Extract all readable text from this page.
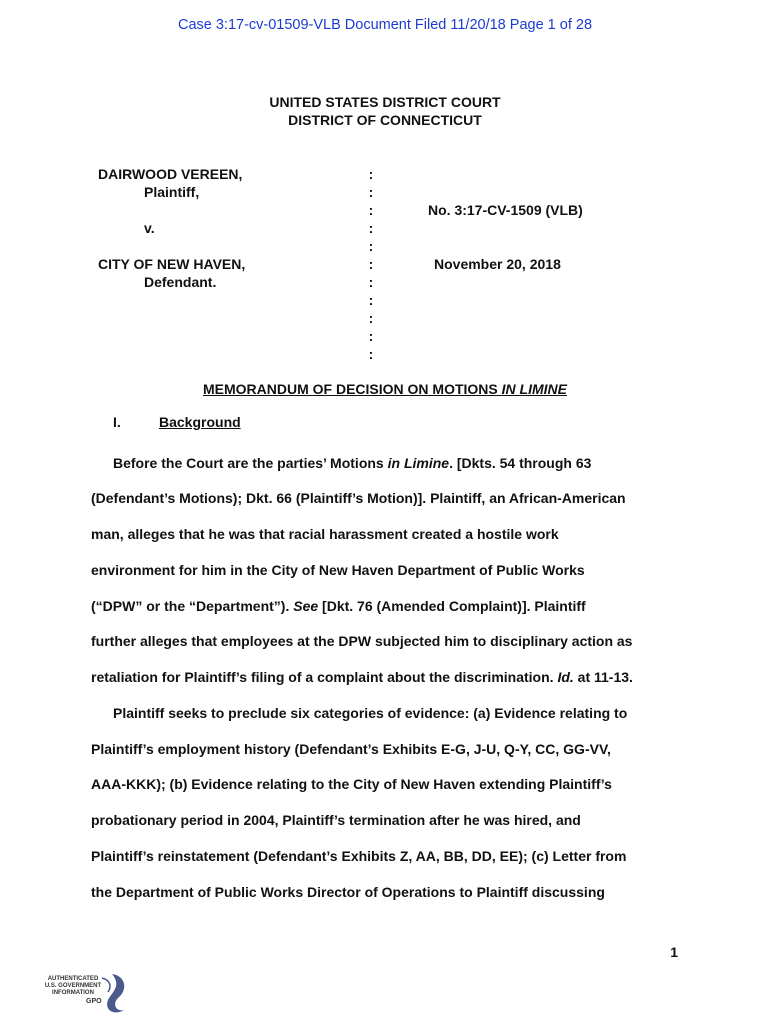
Case 3:17-cv-01509-VLB Document Filed 11/20/18 Page 1 of 28
UNITED STATES DISTRICT COURT
DISTRICT OF CONNECTICUT
DAIRWOOD VEREEN,
Plaintiff,
v.
CITY OF NEW HAVEN,
Defendant.
:
:
:
:
:
:
:
:
:
:
:
No. 3:17-CV-1509 (VLB)
November 20, 2018
MEMORANDUM OF DECISION ON MOTIONS IN LIMINE
I.	Background
Before the Court are the parties’ Motions in Limine. [Dkts. 54 through 63
(Defendant’s Motions); Dkt. 66 (Plaintiff’s Motion)]. Plaintiff, an African-American
man, alleges that he was that racial harassment created a hostile work
environment for him in the City of New Haven Department of Public Works
(“DPW” or the “Department”). See [Dkt. 76 (Amended Complaint)]. Plaintiff
further alleges that employees at the DPW subjected him to disciplinary action as
retaliation for Plaintiff’s filing of a complaint about the discrimination. Id. at 11-13.
Plaintiff seeks to preclude six categories of evidence: (a) Evidence relating to
Plaintiff’s employment history (Defendant’s Exhibits E-G, J-U, Q-Y, CC, GG-VV,
AAA-KKK); (b) Evidence relating to the City of New Haven extending Plaintiff’s
probationary period in 2004, Plaintiff’s termination after he was hired, and
Plaintiff’s reinstatement (Defendant’s Exhibits Z, AA, BB, DD, EE); (c) Letter from
the Department of Public Works Director of Operations to Plaintiff discussing
1
AUTHENTICATED U.S. GOVERNMENT INFORMATION
GPO
